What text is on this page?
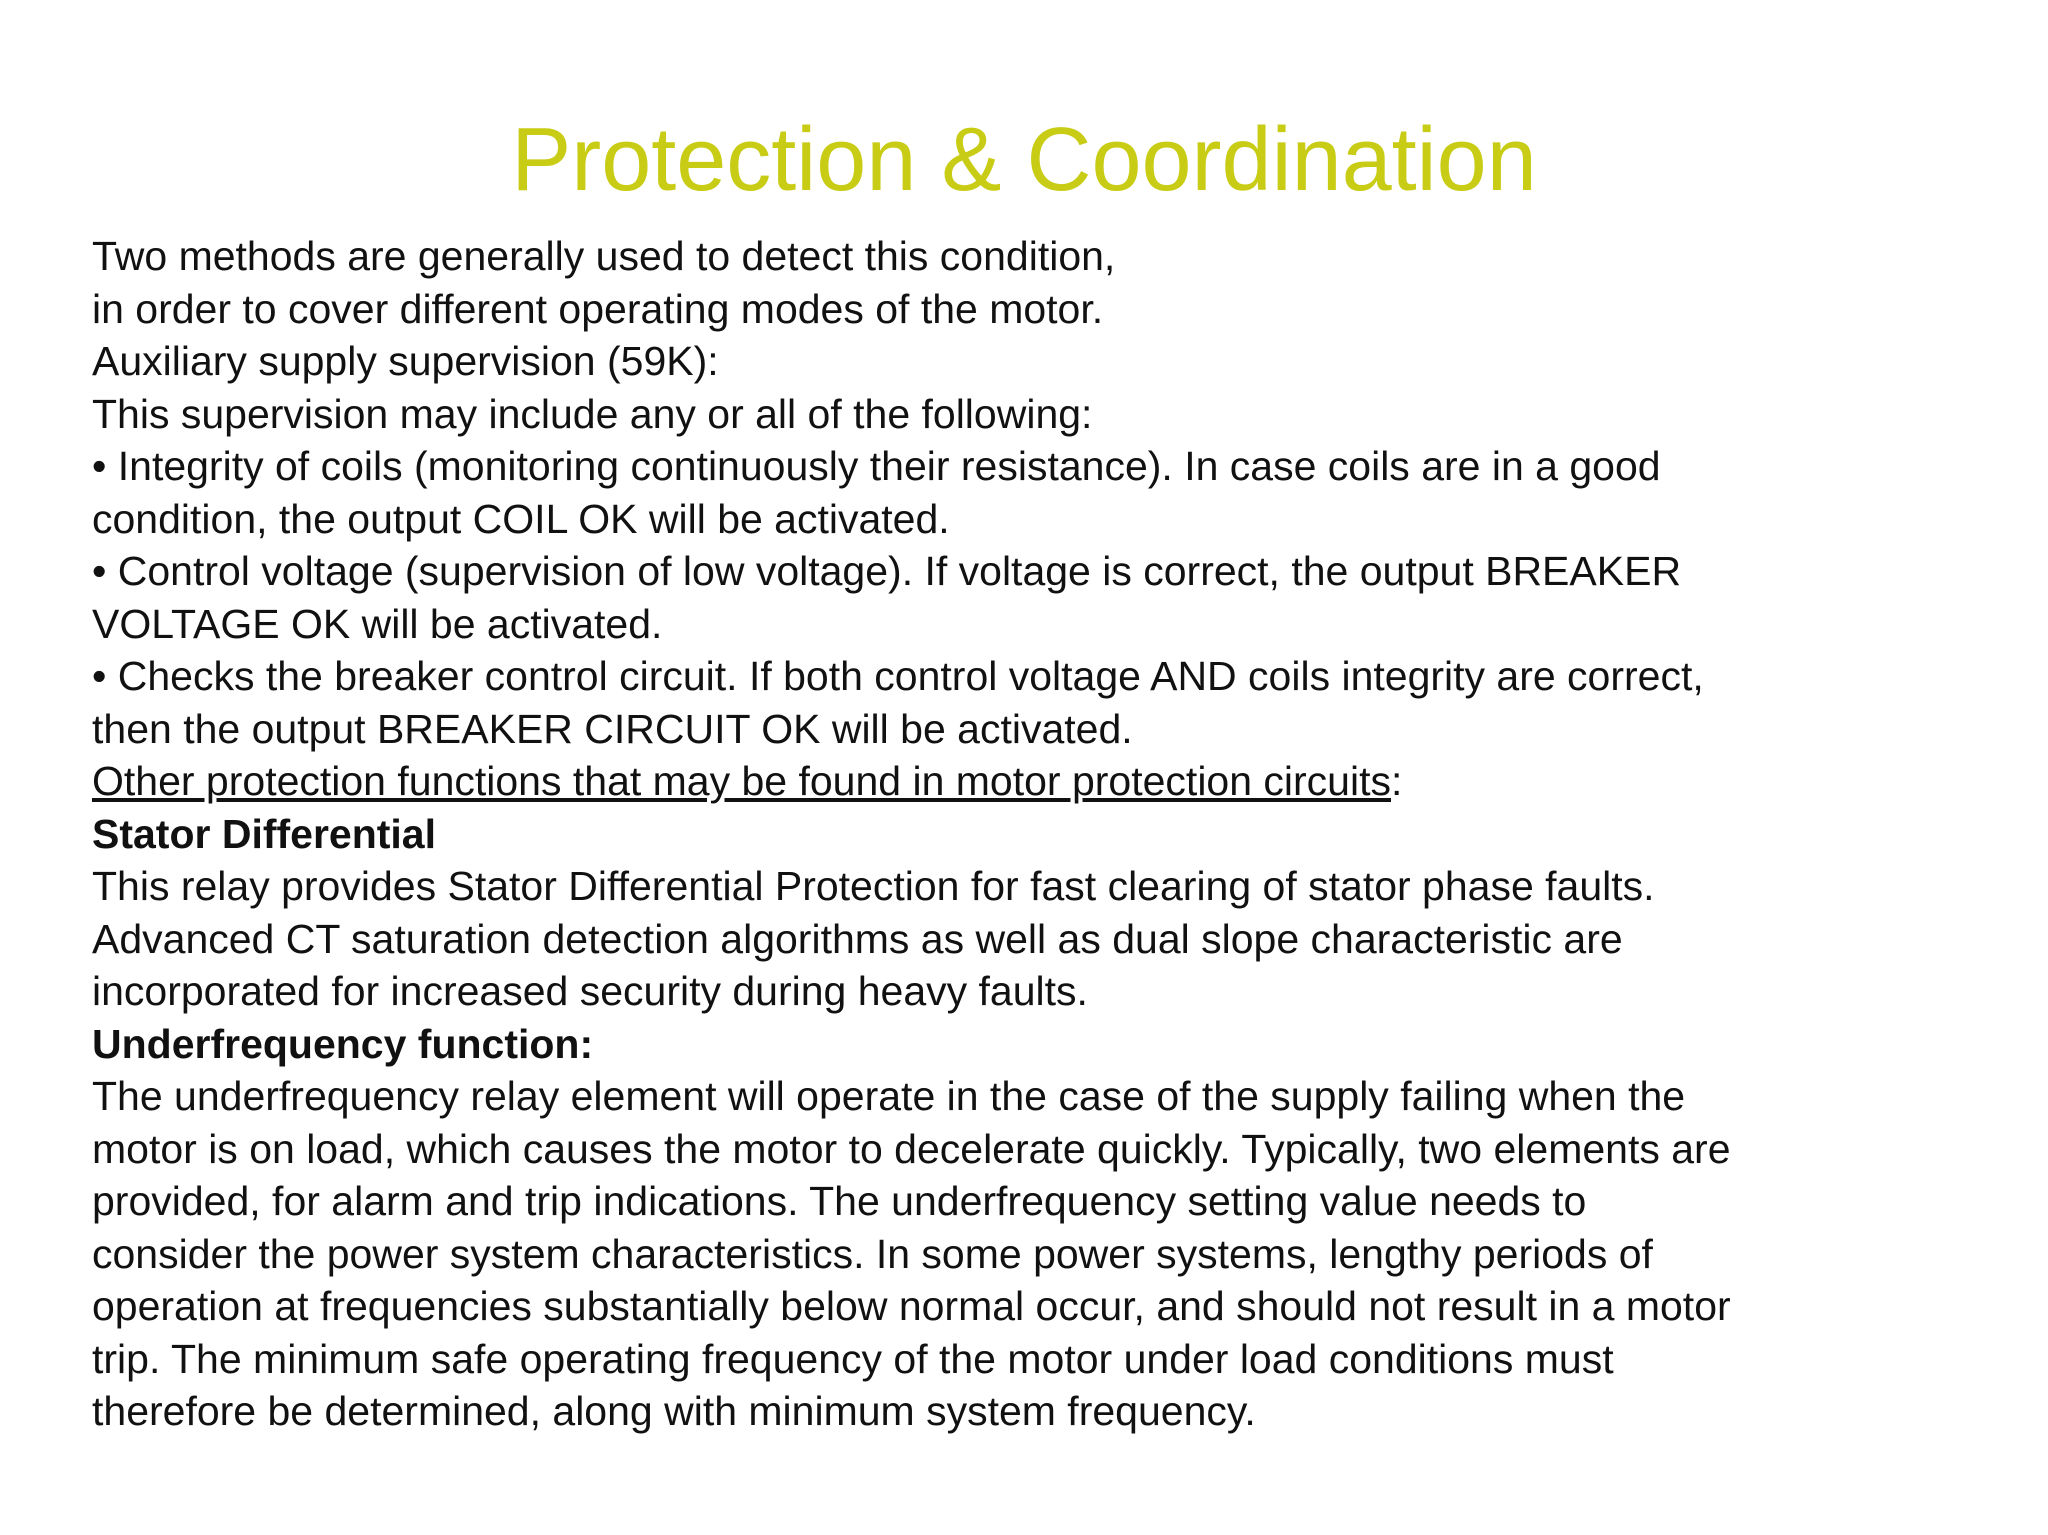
Protection & Coordination
Two methods are generally used to detect this condition,
in order to cover different operating modes of the motor.
Auxiliary supply supervision (59K):
This supervision may include any or all of the following:
• Integrity of coils (monitoring continuously their resistance). In case coils are in a good
condition, the output COIL OK will be activated.
• Control voltage (supervision of low voltage). If voltage is correct, the output BREAKER
VOLTAGE OK will be activated.
• Checks the breaker control circuit. If both control voltage AND coils integrity are correct,
then the output BREAKER CIRCUIT OK will be activated.
Other protection functions that may be found in motor protection circuits:
Stator Differential
This relay provides Stator Differential Protection for fast clearing of stator phase faults.
Advanced CT saturation detection algorithms as well as dual slope characteristic are
incorporated for increased security during heavy faults.
Underfrequency function:
The underfrequency relay element will operate in the case of the supply failing when the
motor is on load, which causes the motor to decelerate quickly. Typically, two elements are
provided, for alarm and trip indications. The underfrequency setting value needs to
consider the power system characteristics. In some power systems, lengthy periods of
operation at frequencies substantially below normal occur, and should not result in a motor
trip. The minimum safe operating frequency of the motor under load conditions must
therefore be determined, along with minimum system frequency.
